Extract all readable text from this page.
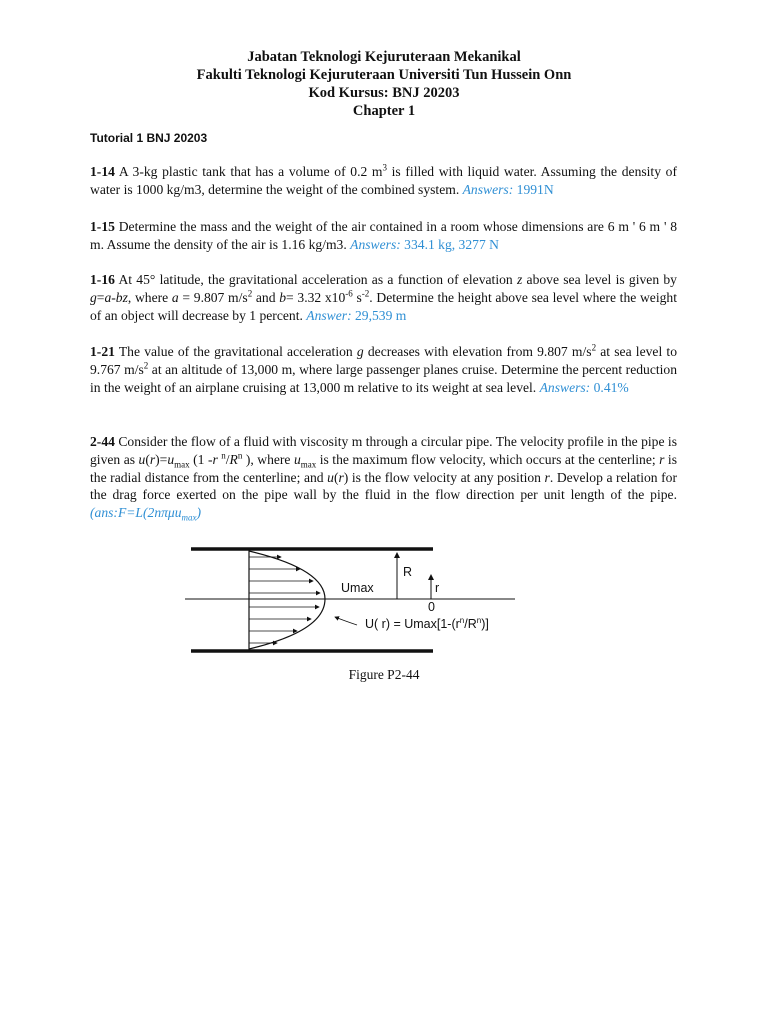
Jabatan Teknologi Kejuruteraan Mekanikal
Fakulti Teknologi Kejuruteraan Universiti Tun Hussein Onn
Kod Kursus: BNJ 20203
Chapter 1
Tutorial 1 BNJ 20203
1-14 A 3-kg plastic tank that has a volume of 0.2 $m^3$ is filled with liquid water. Assuming the density of water is 1000 kg/m3, determine the weight of the combined system. Answers: 1991N
1-15 Determine the mass and the weight of the air contained in a room whose dimensions are 6 m ' 6 m ' 8 m. Assume the density of the air is 1.16 kg/m3. Answers: 334.1 kg, 3277 N
1-16 At 45° latitude, the gravitational acceleration as a function of elevation z above sea level is given by g=a-bz, where a = 9.807 $m/s^2$ and b= 3.32 $x10^{-6}$ $s^{-2}$. Determine the height above sea level where the weight of an object will decrease by 1 percent. Answer: 29,539 m
1-21 The value of the gravitational acceleration g decreases with elevation from 9.807 $m/s^2$ at sea level to 9.767 $m/s^2$ at an altitude of 13,000 m, where large passenger planes cruise. Determine the percent reduction in the weight of an airplane cruising at 13,000 m relative to its weight at sea level. Answers: 0.41%
2-44 Consider the flow of a fluid with viscosity m through a circular pipe. The velocity profile in the pipe is given as $u(r)=u_{max}$ (1 -r $^n/R^n$ ), where $u_{max}$ is the maximum flow velocity, which occurs at the centerline; r is the radial distance from the centerline; and u(r) is the flow velocity at any position r. Develop a relation for the drag force exerted on the pipe wall by the fluid in the flow direction per unit length of the pipe.(ans:F=L(2nπμu$_{max}$)
Umax
R
r
0
U( $r) = Umax[1-(r^n/R^n)]$
Figure P2-44
